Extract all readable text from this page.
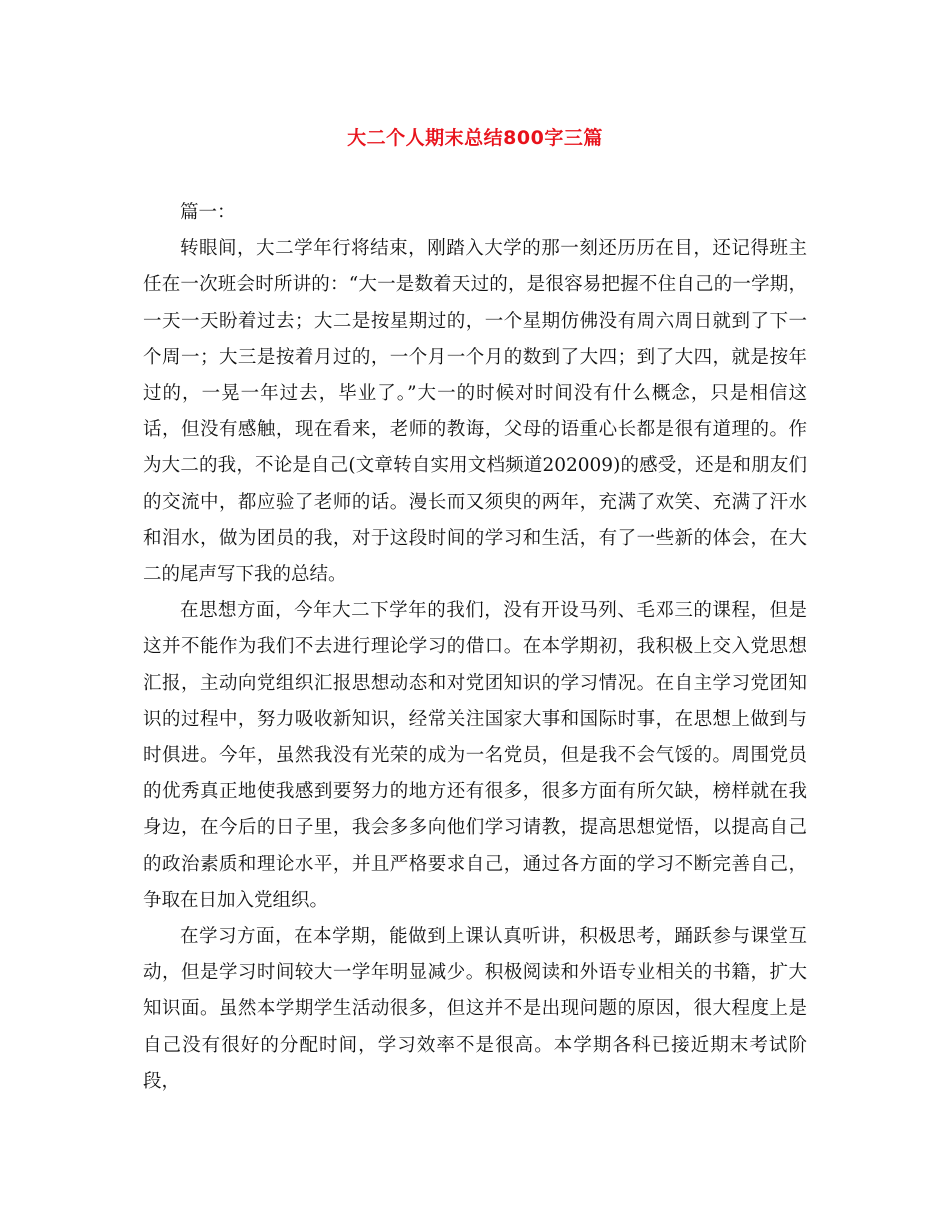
大二个人期末总结800字三篇

篇一：

转眼间，大二学年行将结束，刚踏入大学的那一刻还历历在目，还记得班主任在一次班会时所讲的：“大一是数着天过的，是很容易把握不住自己的一学期，一天一天盼着过去；大二是按星期过的，一个星期仿佛没有周六周日就到了下一个周一；大三是按着月过的，一个月一个月的数到了大四；到了大四，就是按年过的，一晃一年过去，毕业了。”大一的时候对时间没有什么概念，只是相信这话，但没有感触，现在看来，老师的教诲，父母的语重心长都是很有道理的。作为大二的我，不论是自己(文章转自实用文档频道202009)的感受，还是和朋友们的交流中，都应验了老师的话。漫长而又须臾的两年，充满了欢笑、充满了汗水和泪水，做为团员的我，对于这段时间的学习和生活，有了一些新的体会，在大二的尾声写下我的总结。

在思想方面，今年大二下学年的我们，没有开设马列、毛邓三的课程，但是这并不能作为我们不去进行理论学习的借口。在本学期初，我积极上交入党思想汇报，主动向党组织汇报思想动态和对党团知识的学习情况。在自主学习党团知识的过程中，努力吸收新知识，经常关注国家大事和国际时事，在思想上做到与时俱进。今年，虽然我没有光荣的成为一名党员，但是我不会气馁的。周围党员的优秀真正地使我感到要努力的地方还有很多，很多方面有所欠缺，榜样就在我身边，在今后的日子里，我会多多向他们学习请教，提高思想觉悟，以提高自己的政治素质和理论水平，并且严格要求自己，通过各方面的学习不断完善自己，争取在日加入党组织。

在学习方面，在本学期，能做到上课认真听讲，积极思考，踊跃参与课堂互动，但是学习时间较大一学年明显减少。积极阅读和外语专业相关的书籍，扩大知识面。虽然本学期学生活动很多，但这并不是出现问题的原因，很大程度上是自己没有很好的分配时间，学习效率不是很高。本学期各科已接近期末考试阶段，
